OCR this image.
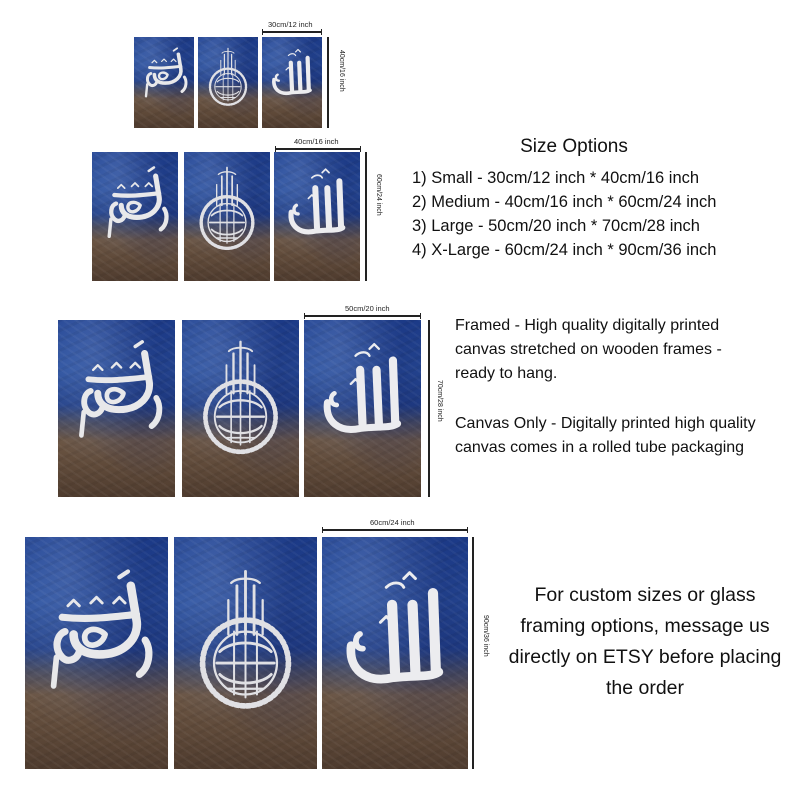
30cm/12 inch
40cm/16 inch
40cm/16 inch
60cm/24 inch
Size Options
1) Small - 30cm/12 inch * 40cm/16 inch
2) Medium - 40cm/16 inch * 60cm/24 inch
3) Large - 50cm/20 inch * 70cm/28 inch
4) X-Large - 60cm/24 inch * 90cm/36 inch
50cm/20 inch
70cm/28 inch
Framed - High quality digitally printed canvas stretched on wooden frames - ready to hang.
Canvas Only - Digitally printed high quality canvas comes in a rolled tube packaging
60cm/24 inch
90cm/36 inch
For custom sizes or glass framing options, message us directly on ETSY before placing the order
